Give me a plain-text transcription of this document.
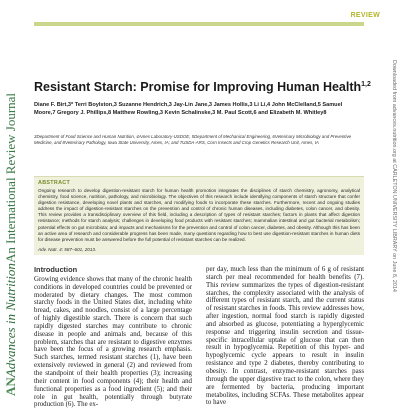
ANAdvances in NutritionAn International Review Journal	Downloaded from advances.nutrition.org at CARLETON UNIVERSITY LIBRARY on June 8, 2014
REVIEW
Resistant Starch: Promise for Improving Human Health$^{1,2}$
Diane F. Birt,3* Terri Boylston,3 Suzanne Hendrich,3 Jay-Lin Jane,3 James Hollis,3 Li Li,4 John McClelland,5 Samuel Moore,7 Gregory J. Phillips,8 Matthew Rowling,3 Kevin Schalinske,3 M. Paul Scott,6 and Elizabeth M. Whitley8
3Department of Food Science and Human Nutrition, 4Ames Laboratory-USDOE, 5Department of Mechanical Engineering, 6Veterinary Microbiology and Preventive Medicine, and 8Veterinary Pathology, Iowa State University, Ames, IA; and 7USDA-ARS, Corn Insects and Crop Genetics Research Unit, Ames, IA
ABSTRACT
Ongoing research to develop digestion-resistant starch for human health promotion integrates the disciplines of starch chemistry, agronomy, analytical chemistry, food science, nutrition, pathology, and microbiology. The objectives of this research include identifying components of starch structure that confer digestion resistance, developing novel plants and starches, and modifying foods to incorporate these starches. Furthermore, recent and ongoing studies address the impact of digestion-resistant starches on the prevention and control of chronic human diseases, including diabetes, colon cancer, and obesity. This review provides a transdisciplinary overview of this field, including a description of types of resistant starches; factors in plants that affect digestion resistance; methods for starch analysis; challenges in developing food products with resistant starches; mammalian intestinal and gut bacterial metabolism; potential effects on gut microbiota; and impacts and mechanisms for the prevention and control of colon cancer, diabetes, and obesity. Although this has been an active area of research and considerable progress has been made, many questions regarding how to best use digestion-resistant starches in human diets for disease prevention must be answered before the full potential of resistant starches can be realized.
Adv. Nutr. 4: 587–601, 2013.
Introduction
Growing evidence shows that many of the chronic health conditions in developed countries could be prevented or moderated by dietary changes. The most common starchy foods in the United States diet, including white bread, cakes, and noodles, consist of a large percentage of highly digestible starch. There is concern that such rapidly digested starches may contribute to chronic disease in people and animals and, because of this problem, starches that are resistant to digestive enzymes have been the focus of a growing research emphasis. Such starches, termed resistant starches (1), have been extensively reviewed in general (2) and reviewed from the standpoint of their health properties (3); increasing their content in food components (4); their health and functional properties as a food ingredient (5); and their role in gut health, potentially through butyrate production (6). The ex-
per day, much less than the minimum of 6 g of resistant starch per meal recommended for health benefits (7). This review summarizes the types of digestion-resistant starches, the complexity associated with the analysis of different types of resistant starch, and the current status of resistant starches in foods. This review addresses how, after ingestion, normal food starch is rapidly digested and absorbed as glucose, potentiating a hyperglycemic response and triggering insulin secretion and tissue-specific intracellular uptake of glucose that can then result in hypoglycemia. Repetition of this hyper- and hypoglycemic cycle appears to result in insulin resistance and type 2 diabetes, thereby contributing to obesity. In contrast, enzyme-resistant starches pass through the upper digestive tract to the colon, where they are fermented by bacteria, producing important metabolites, including SCFAs. These metabolites appear to have
